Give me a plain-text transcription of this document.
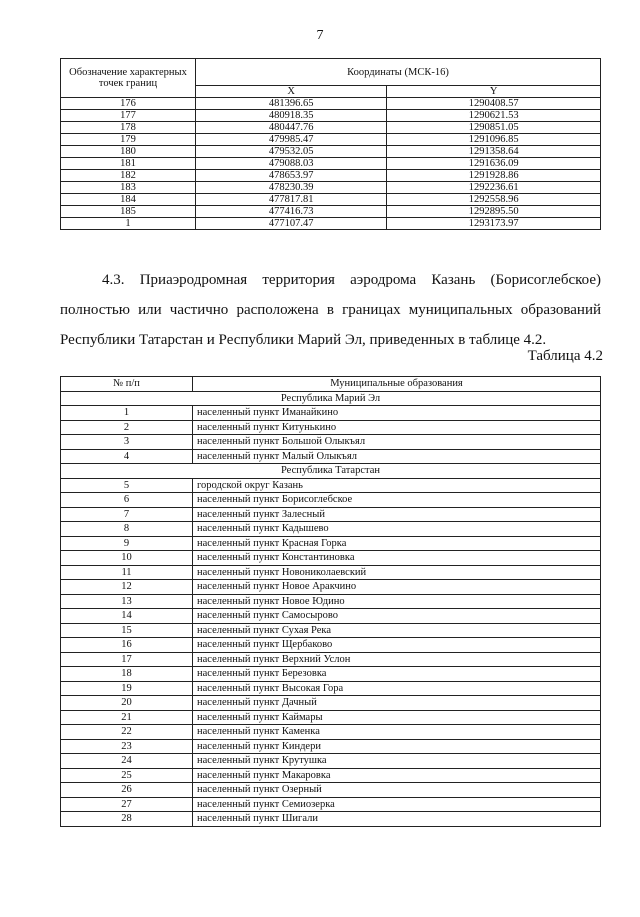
7
Обозначение характерных точек границ	Координаты (МСК-16)	
	X	Y
176	481396.65	1290408.57
177	480918.35	1290621.53
178	480447.76	1290851.05
179	479985.47	1291096.85
180	479532.05	1291358.64
181	479088.03	1291636.09
182	478653.97	1291928.86
183	478230.39	1292236.61
184	477817.81	1292558.96
185	477416.73	1292895.50
1	477107.47	1293173.97
4.3. Приаэродромная территория аэродрома Казань (Борисоглебское)
полностью или частично расположена в границах муниципальных образований
Республики Татарстан и Республики Марий Эл, приведенных в таблице 4.2.
Таблица 4.2
№ п/п	Муниципальные образования
Республика Марий Эл	
1	населенный пункт Иманайкино
2	населенный пункт Китунькино
3	населенный пункт Большой Олыкъял
4	населенный пункт Малый Олыкъял
Республика Татарстан	
5	городской округ Казань
6	населенный пункт Борисоглебское
7	населенный пункт Залесный
8	населенный пункт Кадышево
9	населенный пункт Красная Горка
10	населенный пункт Константиновка
11	населенный пункт Новониколаевский
12	населенный пункт Новое Аракчино
13	населенный пункт Новое Юдино
14	населенный пункт Самосырово
15	населенный пункт Сухая Река
16	населенный пункт Щербаково
17	населенный пункт Верхний Услон
18	населенный пункт Березовка
19	населенный пункт Высокая Гора
20	населенный пункт Дачный
21	населенный пункт Каймары
22	населенный пункт Каменка
23	населенный пункт Киндери
24	населенный пункт Крутушка
25	населенный пункт Макаровка
26	населенный пункт Озерный
27	населенный пункт Семиозерка
28	населенный пункт Шигали
